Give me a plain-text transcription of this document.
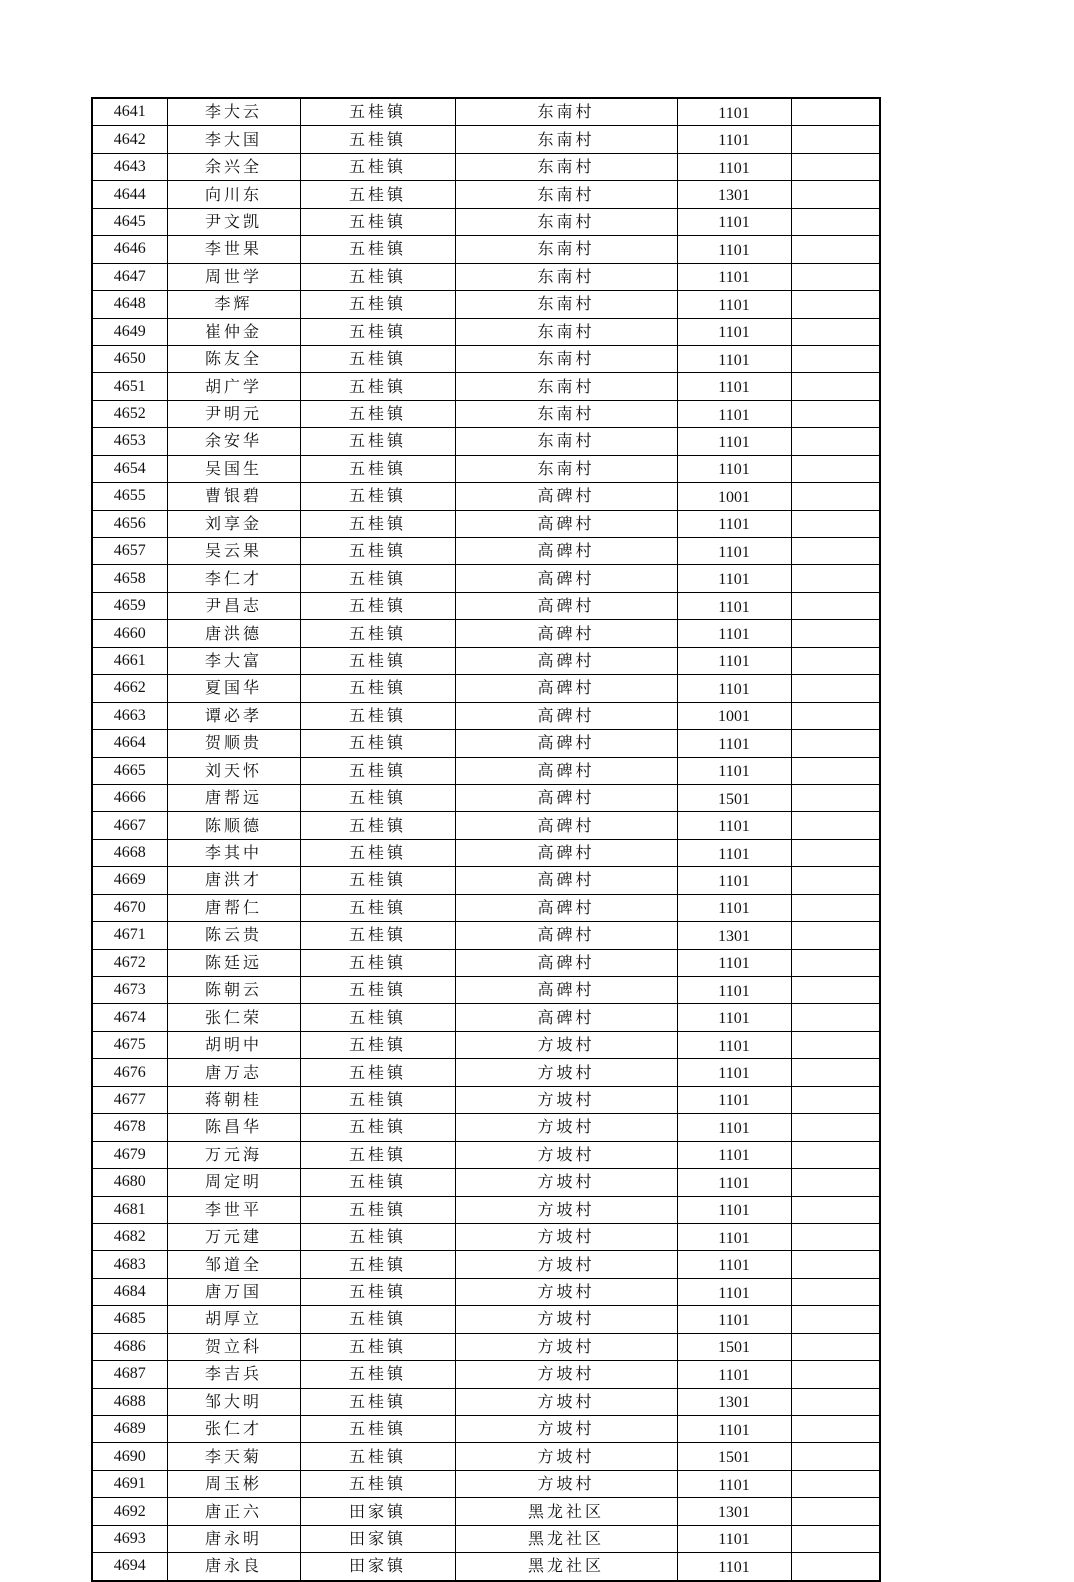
4641	李大云	五桂镇	东南村	1101	
4642	李大国	五桂镇	东南村	1101	
4643	余兴全	五桂镇	东南村	1101	
4644	向川东	五桂镇	东南村	1301	
4645	尹文凯	五桂镇	东南村	1101	
4646	李世果	五桂镇	东南村	1101	
4647	周世学	五桂镇	东南村	1101	
4648	李辉	五桂镇	东南村	1101	
4649	崔仲金	五桂镇	东南村	1101	
4650	陈友全	五桂镇	东南村	1101	
4651	胡广学	五桂镇	东南村	1101	
4652	尹明元	五桂镇	东南村	1101	
4653	余安华	五桂镇	东南村	1101	
4654	吴国生	五桂镇	东南村	1101	
4655	曹银碧	五桂镇	高碑村	1001	
4656	刘享金	五桂镇	高碑村	1101	
4657	吴云果	五桂镇	高碑村	1101	
4658	李仁才	五桂镇	高碑村	1101	
4659	尹昌志	五桂镇	高碑村	1101	
4660	唐洪德	五桂镇	高碑村	1101	
4661	李大富	五桂镇	高碑村	1101	
4662	夏国华	五桂镇	高碑村	1101	
4663	谭必孝	五桂镇	高碑村	1001	
4664	贺顺贵	五桂镇	高碑村	1101	
4665	刘天怀	五桂镇	高碑村	1101	
4666	唐帮远	五桂镇	高碑村	1501	
4667	陈顺德	五桂镇	高碑村	1101	
4668	李其中	五桂镇	高碑村	1101	
4669	唐洪才	五桂镇	高碑村	1101	
4670	唐帮仁	五桂镇	高碑村	1101	
4671	陈云贵	五桂镇	高碑村	1301	
4672	陈廷远	五桂镇	高碑村	1101	
4673	陈朝云	五桂镇	高碑村	1101	
4674	张仁荣	五桂镇	高碑村	1101	
4675	胡明中	五桂镇	方坡村	1101	
4676	唐万志	五桂镇	方坡村	1101	
4677	蒋朝桂	五桂镇	方坡村	1101	
4678	陈昌华	五桂镇	方坡村	1101	
4679	万元海	五桂镇	方坡村	1101	
4680	周定明	五桂镇	方坡村	1101	
4681	李世平	五桂镇	方坡村	1101	
4682	万元建	五桂镇	方坡村	1101	
4683	邹道全	五桂镇	方坡村	1101	
4684	唐万国	五桂镇	方坡村	1101	
4685	胡厚立	五桂镇	方坡村	1101	
4686	贺立科	五桂镇	方坡村	1501	
4687	李吉兵	五桂镇	方坡村	1101	
4688	邹大明	五桂镇	方坡村	1301	
4689	张仁才	五桂镇	方坡村	1101	
4690	李天菊	五桂镇	方坡村	1501	
4691	周玉彬	五桂镇	方坡村	1101	
4692	唐正六	田家镇	黑龙社区	1301	
4693	唐永明	田家镇	黑龙社区	1101	
4694	唐永良	田家镇	黑龙社区	1101	
